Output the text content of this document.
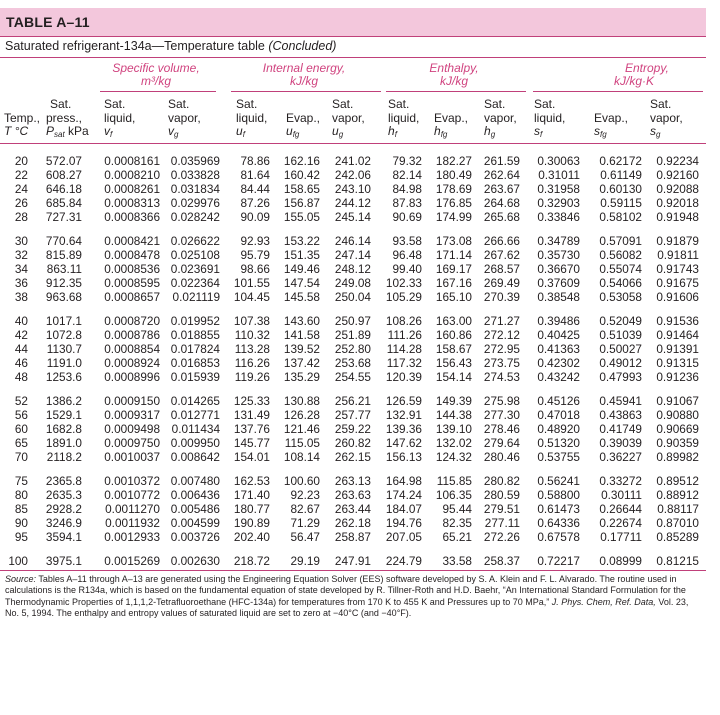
TABLE A–11
Saturated refrigerant-134a—Temperature table (Concluded)
Specific volume,
m³/kg
Internal energy,
kJ/kg
Enthalpy,
kJ/kg
Entropy,
kJ/kg·K

Temp.,
T °C
Sat.
press.,
$P_{sat}$ kPa
Sat.
liquid,
$v_f$
Sat.
vapor,
$v_g$
Sat.
liquid,
$u_f$

Evap.,
$u_{fg}$
Sat.
vapor,
$u_g$
Sat.
liquid,
$h_f$

Evap.,
$h_{fg}$
Sat.
vapor,
$h_g$
Sat.
liquid,
$s_f$

Evap.,
$s_{fg}$
Sat.
vapor,
$s_g$
20 572.07 0.0008161 0.035969 78.86 162.16 241.02 79.32 182.27 261.59 0.30063 0.62172 0.92234
22 608.27 0.0008210 0.033828 81.64 160.42 242.06 82.14 180.49 262.64 0.31011 0.61149 0.92160
24 646.18 0.0008261 0.031834 84.44 158.65 243.10 84.98 178.69 263.67 0.31958 0.60130 0.92088
26 685.84 0.0008313 0.029976 87.26 156.87 244.12 87.83 176.85 264.68 0.32903 0.59115 0.92018
28 727.31 0.0008366 0.028242 90.09 155.05 245.14 90.69 174.99 265.68 0.33846 0.58102 0.91948
30 770.64 0.0008421 0.026622 92.93 153.22 246.14 93.58 173.08 266.66 0.34789 0.57091 0.91879
32 815.89 0.0008478 0.025108 95.79 151.35 247.14 96.48 171.14 267.62 0.35730 0.56082 0.91811
34 863.11 0.0008536 0.023691 98.66 149.46 248.12 99.40 169.17 268.57 0.36670 0.55074 0.91743
36 912.35 0.0008595 0.022364 101.55 147.54 249.08 102.33 167.16 269.49 0.37609 0.54066 0.91675
38 963.68 0.0008657 0.021119 104.45 145.58 250.04 105.29 165.10 270.39 0.38548 0.53058 0.91606
40 1017.1 0.0008720 0.019952 107.38 143.60 250.97 108.26 163.00 271.27 0.39486 0.52049 0.91536
42 1072.8 0.0008786 0.018855 110.32 141.58 251.89 111.26 160.86 272.12 0.40425 0.51039 0.91464
44 1130.7 0.0008854 0.017824 113.28 139.52 252.80 114.28 158.67 272.95 0.41363 0.50027 0.91391
46 1191.0 0.0008924 0.016853 116.26 137.42 253.68 117.32 156.43 273.75 0.42302 0.49012 0.91315
48 1253.6 0.0008996 0.015939 119.26 135.29 254.55 120.39 154.14 274.53 0.43242 0.47993 0.91236
52 1386.2 0.0009150 0.014265 125.33 130.88 256.21 126.59 149.39 275.98 0.45126 0.45941 0.91067
56 1529.1 0.0009317 0.012771 131.49 126.28 257.77 132.91 144.38 277.30 0.47018 0.43863 0.90880
60 1682.8 0.0009498 0.011434 137.76 121.46 259.22 139.36 139.10 278.46 0.48920 0.41749 0.90669
65 1891.0 0.0009750 0.009950 145.77 115.05 260.82 147.62 132.02 279.64 0.51320 0.39039 0.90359
70 2118.2 0.0010037 0.008642 154.01 108.14 262.15 156.13 124.32 280.46 0.53755 0.36227 0.89982
75 2365.8 0.0010372 0.007480 162.53 100.60 263.13 164.98 115.85 280.82 0.56241 0.33272 0.89512
80 2635.3 0.0010772 0.006436 171.40 92.23 263.63 174.24 106.35 280.59 0.58800 0.30111 0.88912
85 2928.2 0.0011270 0.005486 180.77 82.67 263.44 184.07 95.44 279.51 0.61473 0.26644 0.88117
90 3246.9 0.0011932 0.004599 190.89 71.29 262.18 194.76 82.35 277.11 0.64336 0.22674 0.87010
95 3594.1 0.0012933 0.003726 202.40 56.47 258.87 207.05 65.21 272.26 0.67578 0.17711 0.85289
100 3975.1 0.0015269 0.002630 218.72 29.19 247.91 224.79 33.58 258.37 0.72217 0.08999 0.81215
Source: Tables A–11 through A–13 are generated using the Engineering Equation Solver (EES) software developed by S. A. Klein and F. L. Alvarado. The routine used in calculations is the R134a, which is based on the fundamental equation of state developed by R. Tillner-Roth and H.D. Baehr, “An International Standard Formulation for the Thermodynamic Properties of 1,1,1,2-Tetrafluoroethane (HFC-134a) for temperatures from 170 K to 455 K and Pressures up to 70 MPa,” J. Phys. Chem, Ref. Data, Vol. 23, No. 5, 1994. The enthalpy and entropy values of saturated liquid are set to zero at −40°C (and −40°F).
